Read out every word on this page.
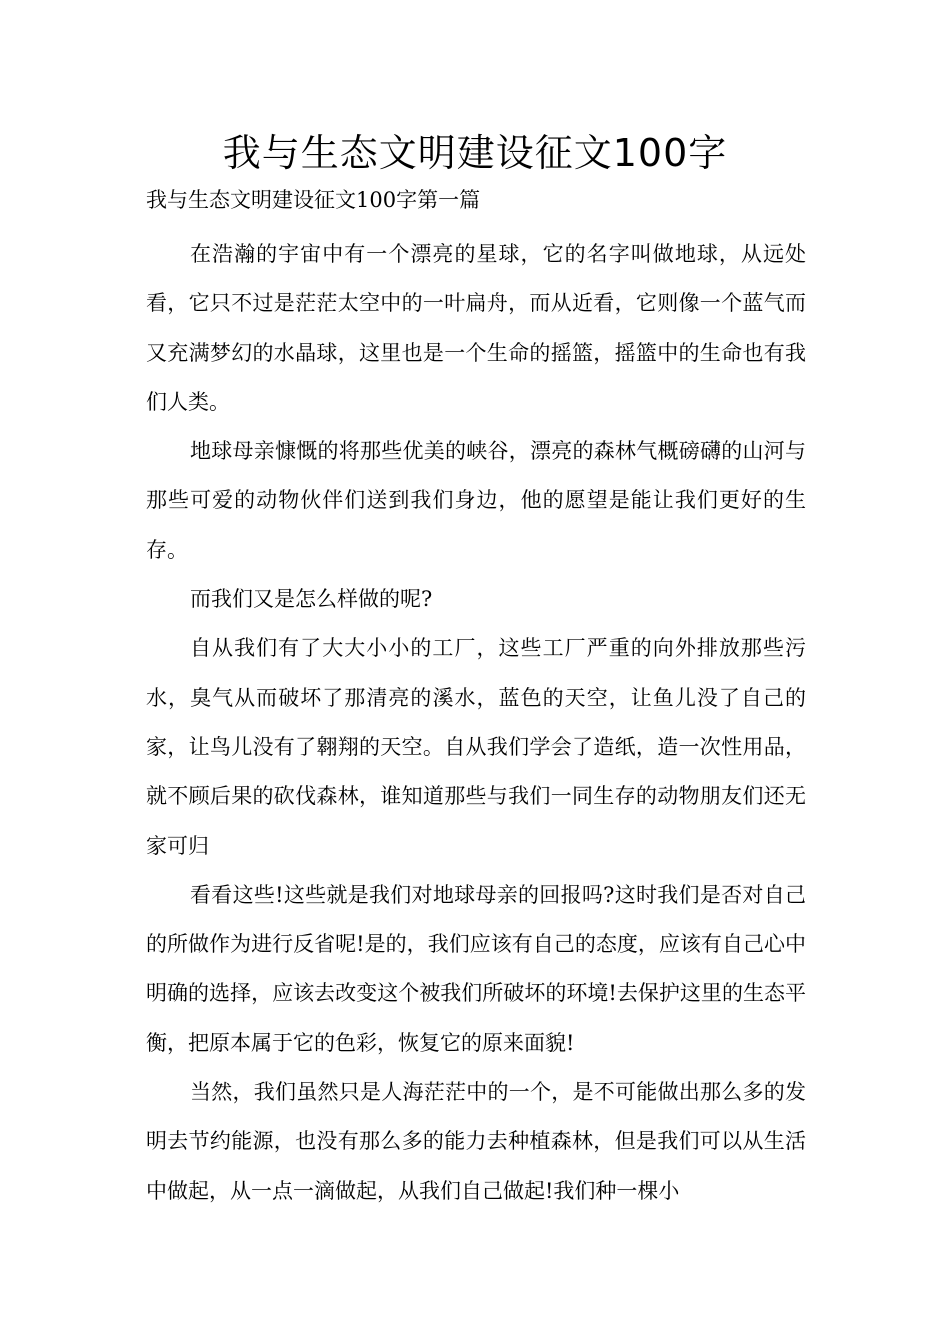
我与生态文明建设征文100字
我与生态文明建设征文100字第一篇

在浩瀚的宇宙中有一个漂亮的星球，它的名字叫做地球，从远处看，它只不过是茫茫太空中的一叶扁舟，而从近看，它则像一个蓝气而又充满梦幻的水晶球，这里也是一个生命的摇篮，摇篮中的生命也有我们人类。

地球母亲慷慨的将那些优美的峡谷，漂亮的森林气概磅礴的山河与那些可爱的动物伙伴们送到我们身边，他的愿望是能让我们更好的生存。

而我们又是怎么样做的呢?

自从我们有了大大小小的工厂，这些工厂严重的向外排放那些污水，臭气从而破坏了那清亮的溪水，蓝色的天空，让鱼儿没了自己的家，让鸟儿没有了翱翔的天空。自从我们学会了造纸，造一次性用品，就不顾后果的砍伐森林，谁知道那些与我们一同生存的动物朋友们还无家可归

看看这些!这些就是我们对地球母亲的回报吗?这时我们是否对自己的所做作为进行反省呢!是的，我们应该有自己的态度，应该有自己心中明确的选择，应该去改变这个被我们所破坏的环境!去保护这里的生态平衡，把原本属于它的色彩，恢复它的原来面貌!

当然，我们虽然只是人海茫茫中的一个，是不可能做出那么多的发明去节约能源，也没有那么多的能力去种植森林，但是我们可以从生活中做起，从一点一滴做起，从我们自己做起!我们种一棵小
